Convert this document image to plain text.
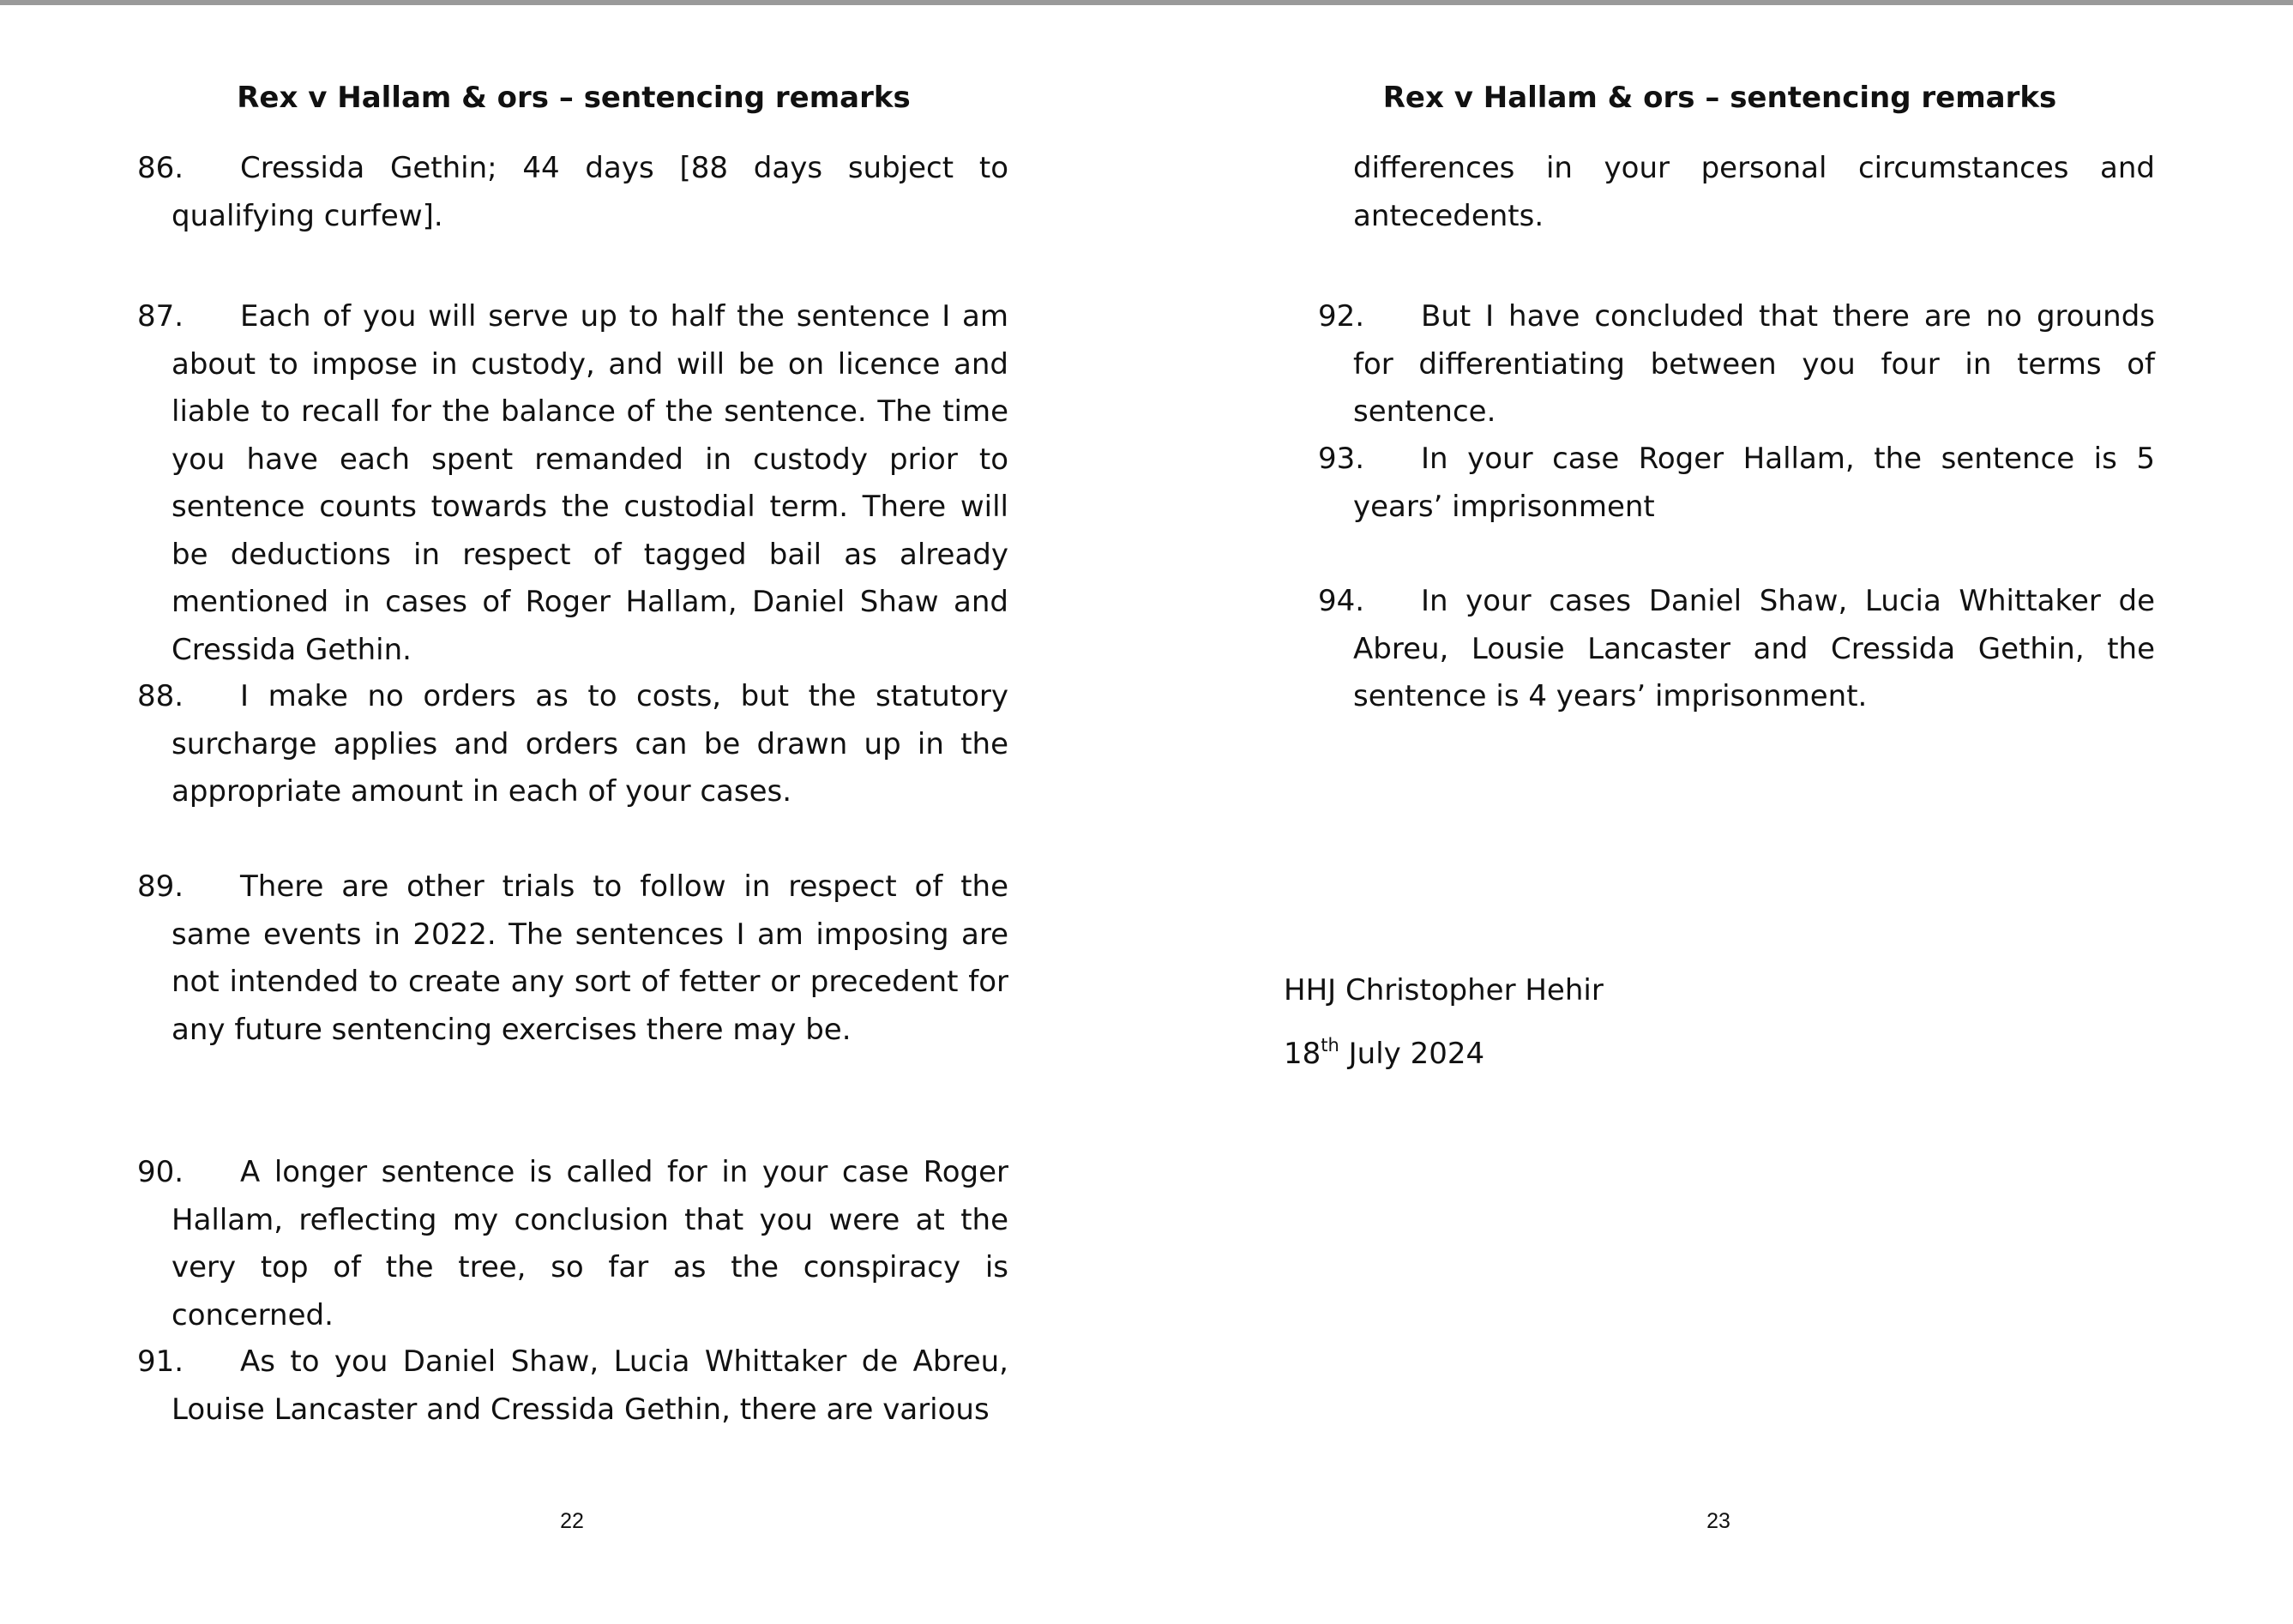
Rex v Hallam & ors – sentencing remarks

86. Cressida Gethin; 44 days [88 days subject to qualifying curfew].

87. Each of you will serve up to half the sentence I am about to impose in custody, and will be on licence and liable to recall for the balance of the sentence. The time you have each spent remanded in custody prior to sentence counts towards the custodial term. There will be deductions in respect of tagged bail as already mentioned in cases of Roger Hallam, Daniel Shaw and Cressida Gethin.

88. I make no orders as to costs, but the statutory surcharge applies and orders can be drawn up in the appropriate amount in each of your cases.

89. There are other trials to follow in respect of the same events in 2022. The sentences I am imposing are not intended to create any sort of fetter or precedent for any future sentencing exercises there may be.

90. A longer sentence is called for in your case Roger Hallam, reflecting my conclusion that you were at the very top of the tree, so far as the conspiracy is concerned.

91. As to you Daniel Shaw, Lucia Whittaker de Abreu, Louise Lancaster and Cressida Gethin, there are various

22
Rex v Hallam & ors – sentencing remarks

differences in your personal circumstances and antecedents.

92. But I have concluded that there are no grounds for differentiating between you four in terms of sentence.

93. In your case Roger Hallam, the sentence is 5 years’ imprisonment

94. In your cases Daniel Shaw, Lucia Whittaker de Abreu, Lousie Lancaster and Cressida Gethin, the sentence is 4 years’ imprisonment.

HHJ Christopher Hehir
18th July 2024
23
